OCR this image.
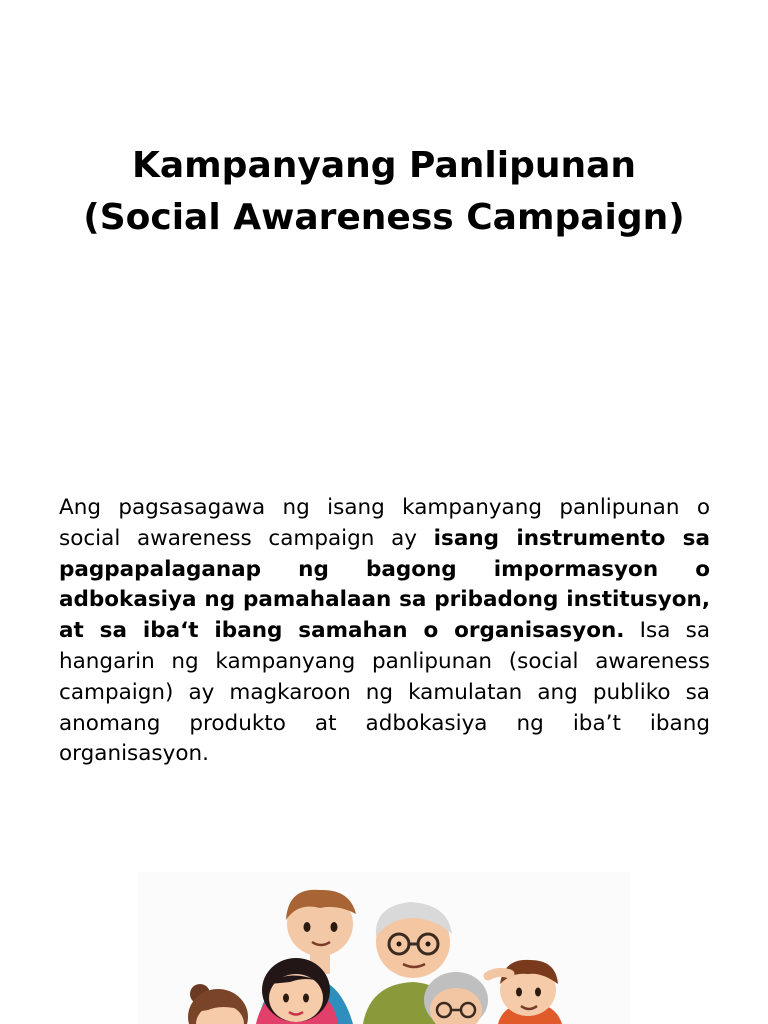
Kampanyang Panlipunan
(Social Awareness Campaign)
Ang pagsasagawa ng isang kampanyang panlipunan o social awareness campaign ay isang instrumento sa pagpapalaganap ng bagong impormasyon o adbokasiya ng pamahalaan sa pribadong institusyon, at sa iba‘t ibang samahan o organisasyon. Isa sa hangarin ng kampanyang panlipunan (social awareness campaign) ay magkaroon ng kamulatan ang publiko sa anomang produkto at adbokasiya ng iba’t ibang organisasyon.
